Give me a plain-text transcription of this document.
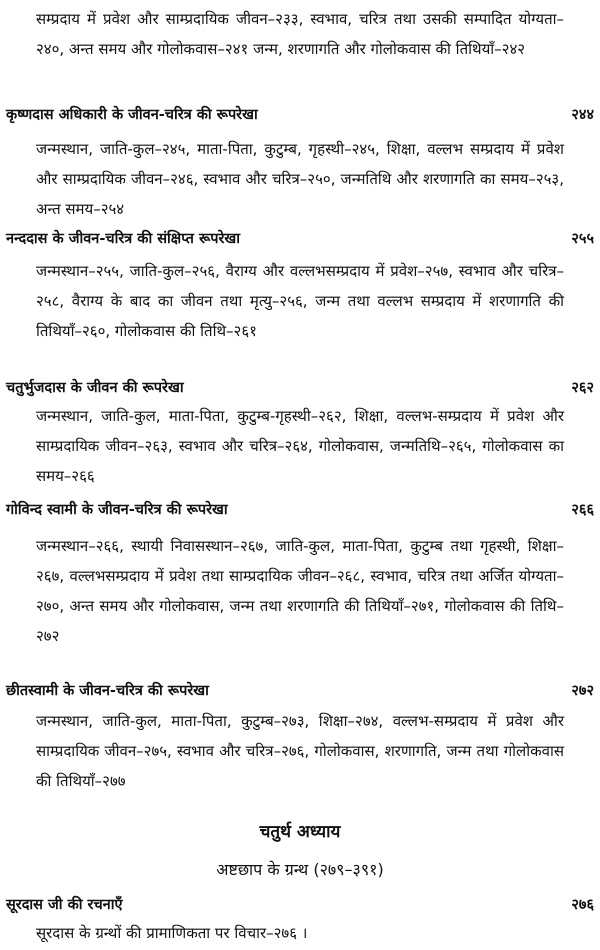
सम्प्रदाय में प्रवेश और साम्प्रदायिक जीवन–२३३, स्वभाव, चरित्र तथा उसकी सम्पादित योग्यता–२४०, अन्त समय और गोलोकवास–२४१ जन्म, शरणागति और गोलोकवास की तिथियाँ–२४२
कृष्णदास अधिकारी के जीवन-चरित्र की रूपरेखा	२४४
जन्मस्थान, जाति-कुल–२४५, माता-पिता, कुटुम्ब, गृहस्थी–२४५, शिक्षा, वल्लभ सम्प्रदाय में प्रवेश और साम्प्रदायिक जीवन–२४६, स्वभाव और चरित्र–२५०, जन्मतिथि और शरणागति का समय–२५३, अन्त समय–२५४
नन्ददास के जीवन-चरित्र की संक्षिप्त रूपरेखा	२५५
जन्मस्थान–२५५, जाति-कुल–२५६, वैराग्य और वल्लभसम्प्रदाय में प्रवेश–२५७, स्वभाव और चरित्र–२५८, वैराग्य के बाद का जीवन तथा मृत्यु–२५६, जन्म तथा वल्लभ सम्प्रदाय में शरणागति की तिथियाँ–२६०, गोलोकवास की तिथि–२६१
चतुर्भुजदास के जीवन की रूपरेखा	२६२
जन्मस्थान, जाति-कुल, माता-पिता, कुटुम्ब-गृहस्थी–२६२, शिक्षा, वल्लभ-सम्प्रदाय में प्रवेश और साम्प्रदायिक जीवन–२६३, स्वभाव और चरित्र–२६४, गोलोकवास, जन्मतिथि–२६५, गोलोकवास का समय–२६६
गोविन्द स्वामी के जीवन-चरित्र की रूपरेखा	२६६
जन्मस्थान–२६६, स्थायी निवासस्थान–२६७, जाति-कुल, माता-पिता, कुटुम्ब तथा गृहस्थी, शिक्षा–२६७, वल्लभसम्प्रदाय में प्रवेश तथा साम्प्रदायिक जीवन–२६८, स्वभाव, चरित्र तथा अर्जित योग्यता–२७०, अन्त समय और गोलोकवास, जन्म तथा शरणागति की तिथियाँ–२७१, गोलोकवास की तिथि–२७२
छीतस्वामी के जीवन-चरित्र की रूपरेखा	२७२
जन्मस्थान, जाति-कुल, माता-पिता, कुटुम्ब–२७३, शिक्षा–२७४, वल्लभ-सम्प्रदाय में प्रवेश और साम्प्रदायिक जीवन–२७५, स्वभाव और चरित्र–२७६, गोलोकवास, शरणागति, जन्म तथा गोलोकवास की तिथियाँ–२७७
चतुर्थ अध्याय
अष्टछाप के ग्रन्थ (२७९–३९१)
सूरदास जी की रचनाएँ	२७६
सूरदास के ग्रन्थों की प्रामाणिकता पर विचार–२७६ ।
